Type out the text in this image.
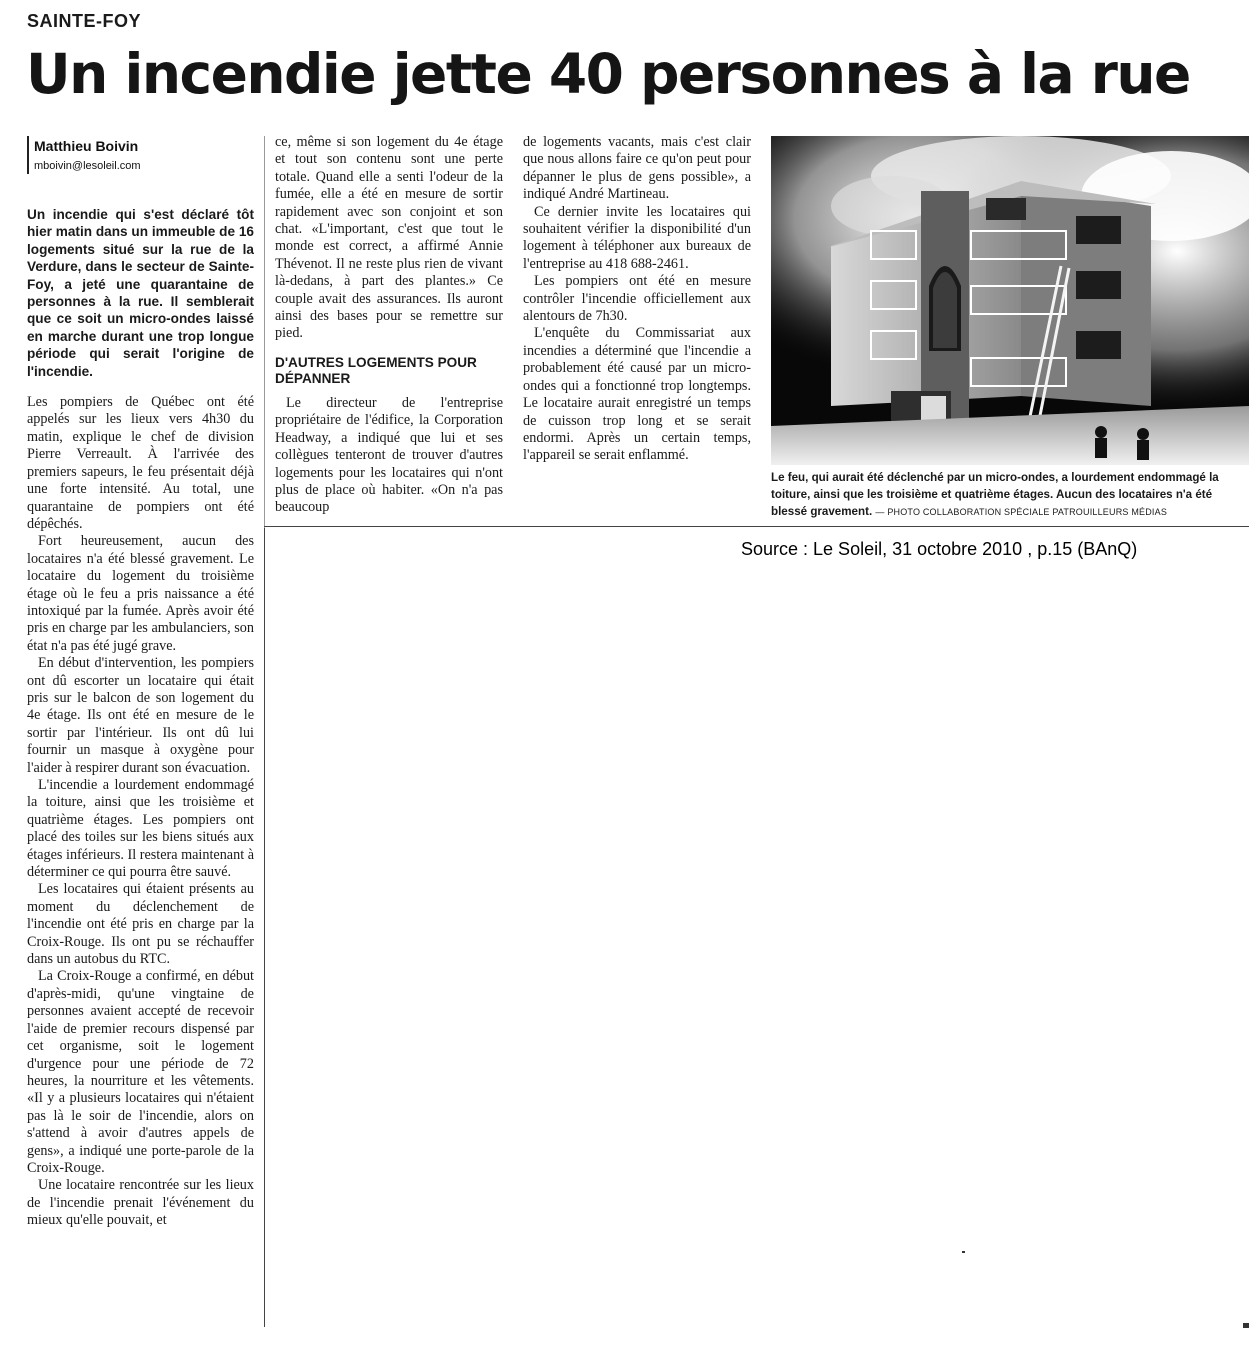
SAINTE-FOY
Un incendie jette 40 personnes à la rue
Matthieu Boivin
mboivin@lesoleil.com

Un incendie qui s'est déclaré tôt hier matin dans un immeuble de 16 logements situé sur la rue de la Verdure, dans le secteur de Sainte-Foy, a jeté une quarantaine de personnes à la rue. Il semblerait que ce soit un micro-ondes laissé en marche durant une trop longue période qui serait l'origine de l'incendie.

Les pompiers de Québec ont été appelés sur les lieux vers 4h30 du matin, explique le chef de division Pierre Verreault. À l'arrivée des premiers sapeurs, le feu présentait déjà une forte intensité. Au total, une quarantaine de pompiers ont été dépêchés.

Fort heureusement, aucun des locataires n'a été blessé gravement. Le locataire du logement du troisième étage où le feu a pris naissance a été intoxiqué par la fumée. Après avoir été pris en charge par les ambulanciers, son état n'a pas été jugé grave.

En début d'intervention, les pompiers ont dû escorter un locataire qui était pris sur le balcon de son logement du 4e étage. Ils ont été en mesure de le sortir par l'intérieur. Ils ont dû lui fournir un masque à oxygène pour l'aider à respirer durant son évacuation.

L'incendie a lourdement endommagé la toiture, ainsi que les troisième et quatrième étages. Les pompiers ont placé des toiles sur les biens situés aux étages inférieurs. Il restera maintenant à déterminer ce qui pourra être sauvé.

Les locataires qui étaient présents au moment du déclenchement de l'incendie ont été pris en charge par la Croix-Rouge. Ils ont pu se réchauffer dans un autobus du RTC.

La Croix-Rouge a confirmé, en début d'après-midi, qu'une vingtaine de personnes avaient accepté de recevoir l'aide de premier recours dispensé par cet organisme, soit le logement d'urgence pour une période de 72 heures, la nourriture et les vêtements. «Il y a plusieurs locataires qui n'étaient pas là le soir de l'incendie, alors on s'attend à avoir d'autres appels de gens», a indiqué une porte-parole de la Croix-Rouge.

Une locataire rencontrée sur les lieux de l'incendie prenait l'événement du mieux qu'elle pouvait, et

ce, même si son logement du 4e étage et tout son contenu sont une perte totale. Quand elle a senti l'odeur de la fumée, elle a été en mesure de sortir rapidement avec son conjoint et son chat. «L'important, c'est que tout le monde est correct, a affirmé Annie Thévenot. Il ne reste plus rien de vivant là-dedans, à part des plantes.» Ce couple avait des assurances. Ils auront ainsi des bases pour se remettre sur pied.

D'AUTRES LOGEMENTS POUR DÉPANNER

Le directeur de l'entreprise propriétaire de l'édifice, la Corporation Headway, a indiqué que lui et ses collègues tenteront de trouver d'autres logements pour les locataires qui n'ont plus de place où habiter. «On n'a pas beaucoup

de logements vacants, mais c'est clair que nous allons faire ce qu'on peut pour dépanner le plus de gens possible», a indiqué André Martineau.

Ce dernier invite les locataires qui souhaitent vérifier la disponibilité d'un logement à téléphoner aux bureaux de l'entreprise au 418 688-2461.

Les pompiers ont été en mesure contrôler l'incendie officiellement aux alentours de 7h30.

L'enquête du Commissariat aux incendies a déterminé que l'incendie a probablement été causé par un micro-ondes qui a fonctionné trop longtemps. Le locataire aurait enregistré un temps de cuisson trop long et se serait endormi. Après un certain temps, l'appareil se serait enflammé.

Le feu, qui aurait été déclenché par un micro-ondes, a lourdement endommagé la toiture, ainsi que les troisième et quatrième étages. Aucun des locataires n'a été blessé gravement. — PHOTO COLLABORATION SPÉCIALE PATROUILLEURS MÉDIAS
Source : Le Soleil, 31 octobre 2010 , p.15 (BAnQ)
